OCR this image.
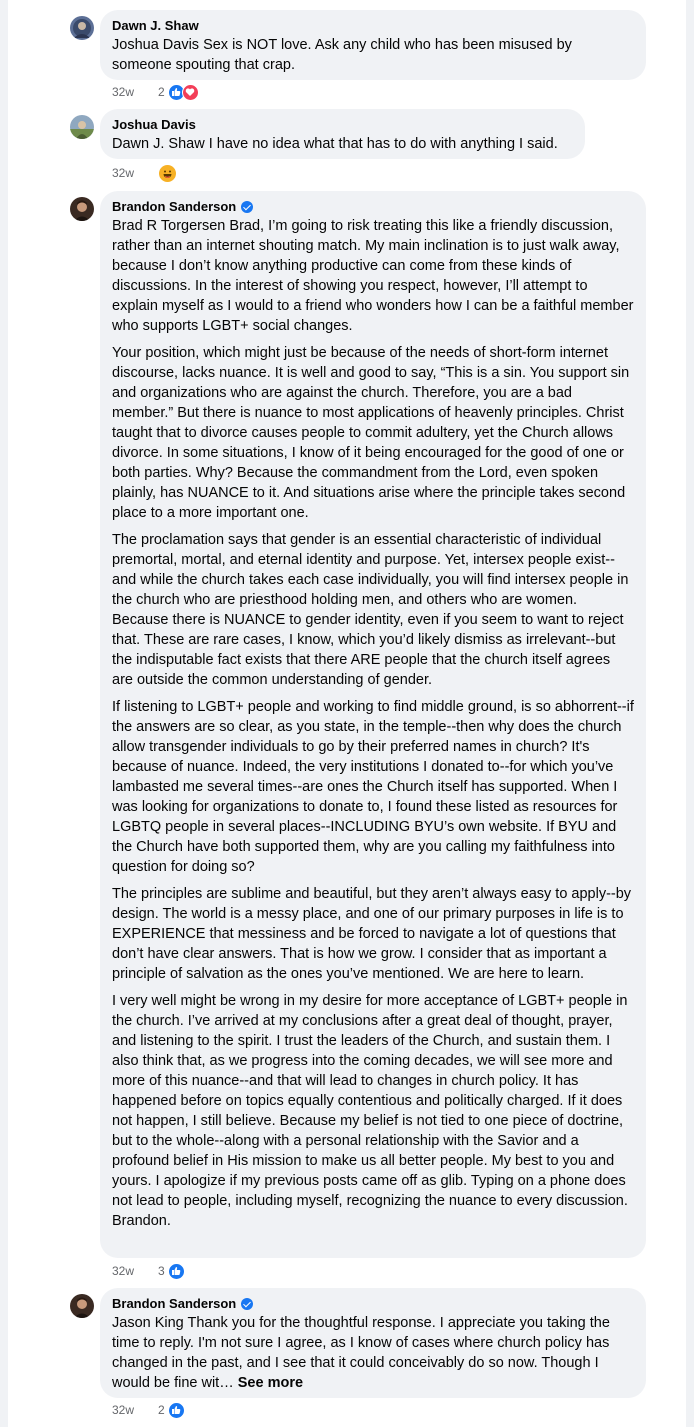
Dawn J. Shaw

Joshua Davis Sex is NOT love. Ask any child who has been misused by someone spouting that crap.

32w	2
Joshua Davis

Dawn J. Shaw I have no idea what that has to do with anything I said.

32w
Brandon Sanderson

Brad R Torgersen Brad, I’m going to risk treating this like a friendly discussion, rather than an internet shouting match. My main inclination is to just walk away, because I don’t know anything productive can come from these kinds of discussions. In the interest of showing you respect, however, I’ll attempt to explain myself as I would to a friend who wonders how I can be a faithful member who supports LGBT+ social changes.

Your position, which might just be because of the needs of short-form internet discourse, lacks nuance. It is well and good to say, “This is a sin. You support sin and organizations who are against the church. Therefore, you are a bad member.” But there is nuance to most applications of heavenly principles. Christ taught that to divorce causes people to commit adultery, yet the Church allows divorce. In some situations, I know of it being encouraged for the good of one or both parties. Why? Because the commandment from the Lord, even spoken plainly, has NUANCE to it. And situations arise where the principle takes second place to a more important one.

The proclamation says that gender is an essential characteristic of individual premortal, mortal, and eternal identity and purpose. Yet, intersex people exist--and while the church takes each case individually, you will find intersex people in the church who are priesthood holding men, and others who are women. Because there is NUANCE to gender identity, even if you seem to want to reject that. These are rare cases, I know, which you’d likely dismiss as irrelevant--but the indisputable fact exists that there ARE people that the church itself agrees are outside the common understanding of gender.

If listening to LGBT+ people and working to find middle ground, is so abhorrent--if the answers are so clear, as you state, in the temple--then why does the church allow transgender individuals to go by their preferred names in church? It's because of nuance. Indeed, the very institutions I donated to--for which you’ve lambasted me several times--are ones the Church itself has supported. When I was looking for organizations to donate to, I found these listed as resources for LGBTQ people in several places--INCLUDING BYU’s own website. If BYU and the Church have both supported them, why are you calling my faithfulness into question for doing so?

The principles are sublime and beautiful, but they aren’t always easy to apply--by design. The world is a messy place, and one of our primary purposes in life is to EXPERIENCE that messiness and be forced to navigate a lot of questions that don’t have clear answers. That is how we grow. I consider that as important a principle of salvation as the ones you’ve mentioned. We are here to learn.

I very well might be wrong in my desire for more acceptance of LGBT+ people in the church. I’ve arrived at my conclusions after a great deal of thought, prayer, and listening to the spirit. I trust the leaders of the Church, and sustain them. I also think that, as we progress into the coming decades, we will see more and more of this nuance--and that will lead to changes in church policy. It has happened before on topics equally contentious and politically charged. If it does not happen, I still believe. Because my belief is not tied to one piece of doctrine, but to the whole--along with a personal relationship with the Savior and a profound belief in His mission to make us all better people. My best to you and yours. I apologize if my previous posts came off as glib. Typing on a phone does not lead to people, including myself, recognizing the nuance to every discussion. Brandon.

32w	3
Brandon Sanderson

Jason King Thank you for the thoughtful response. I appreciate you taking the time to reply. I'm not sure I agree, as I know of cases where church policy has changed in the past, and I see that it could conceivably do so now. Though I would be fine wit… See more

32w	2
